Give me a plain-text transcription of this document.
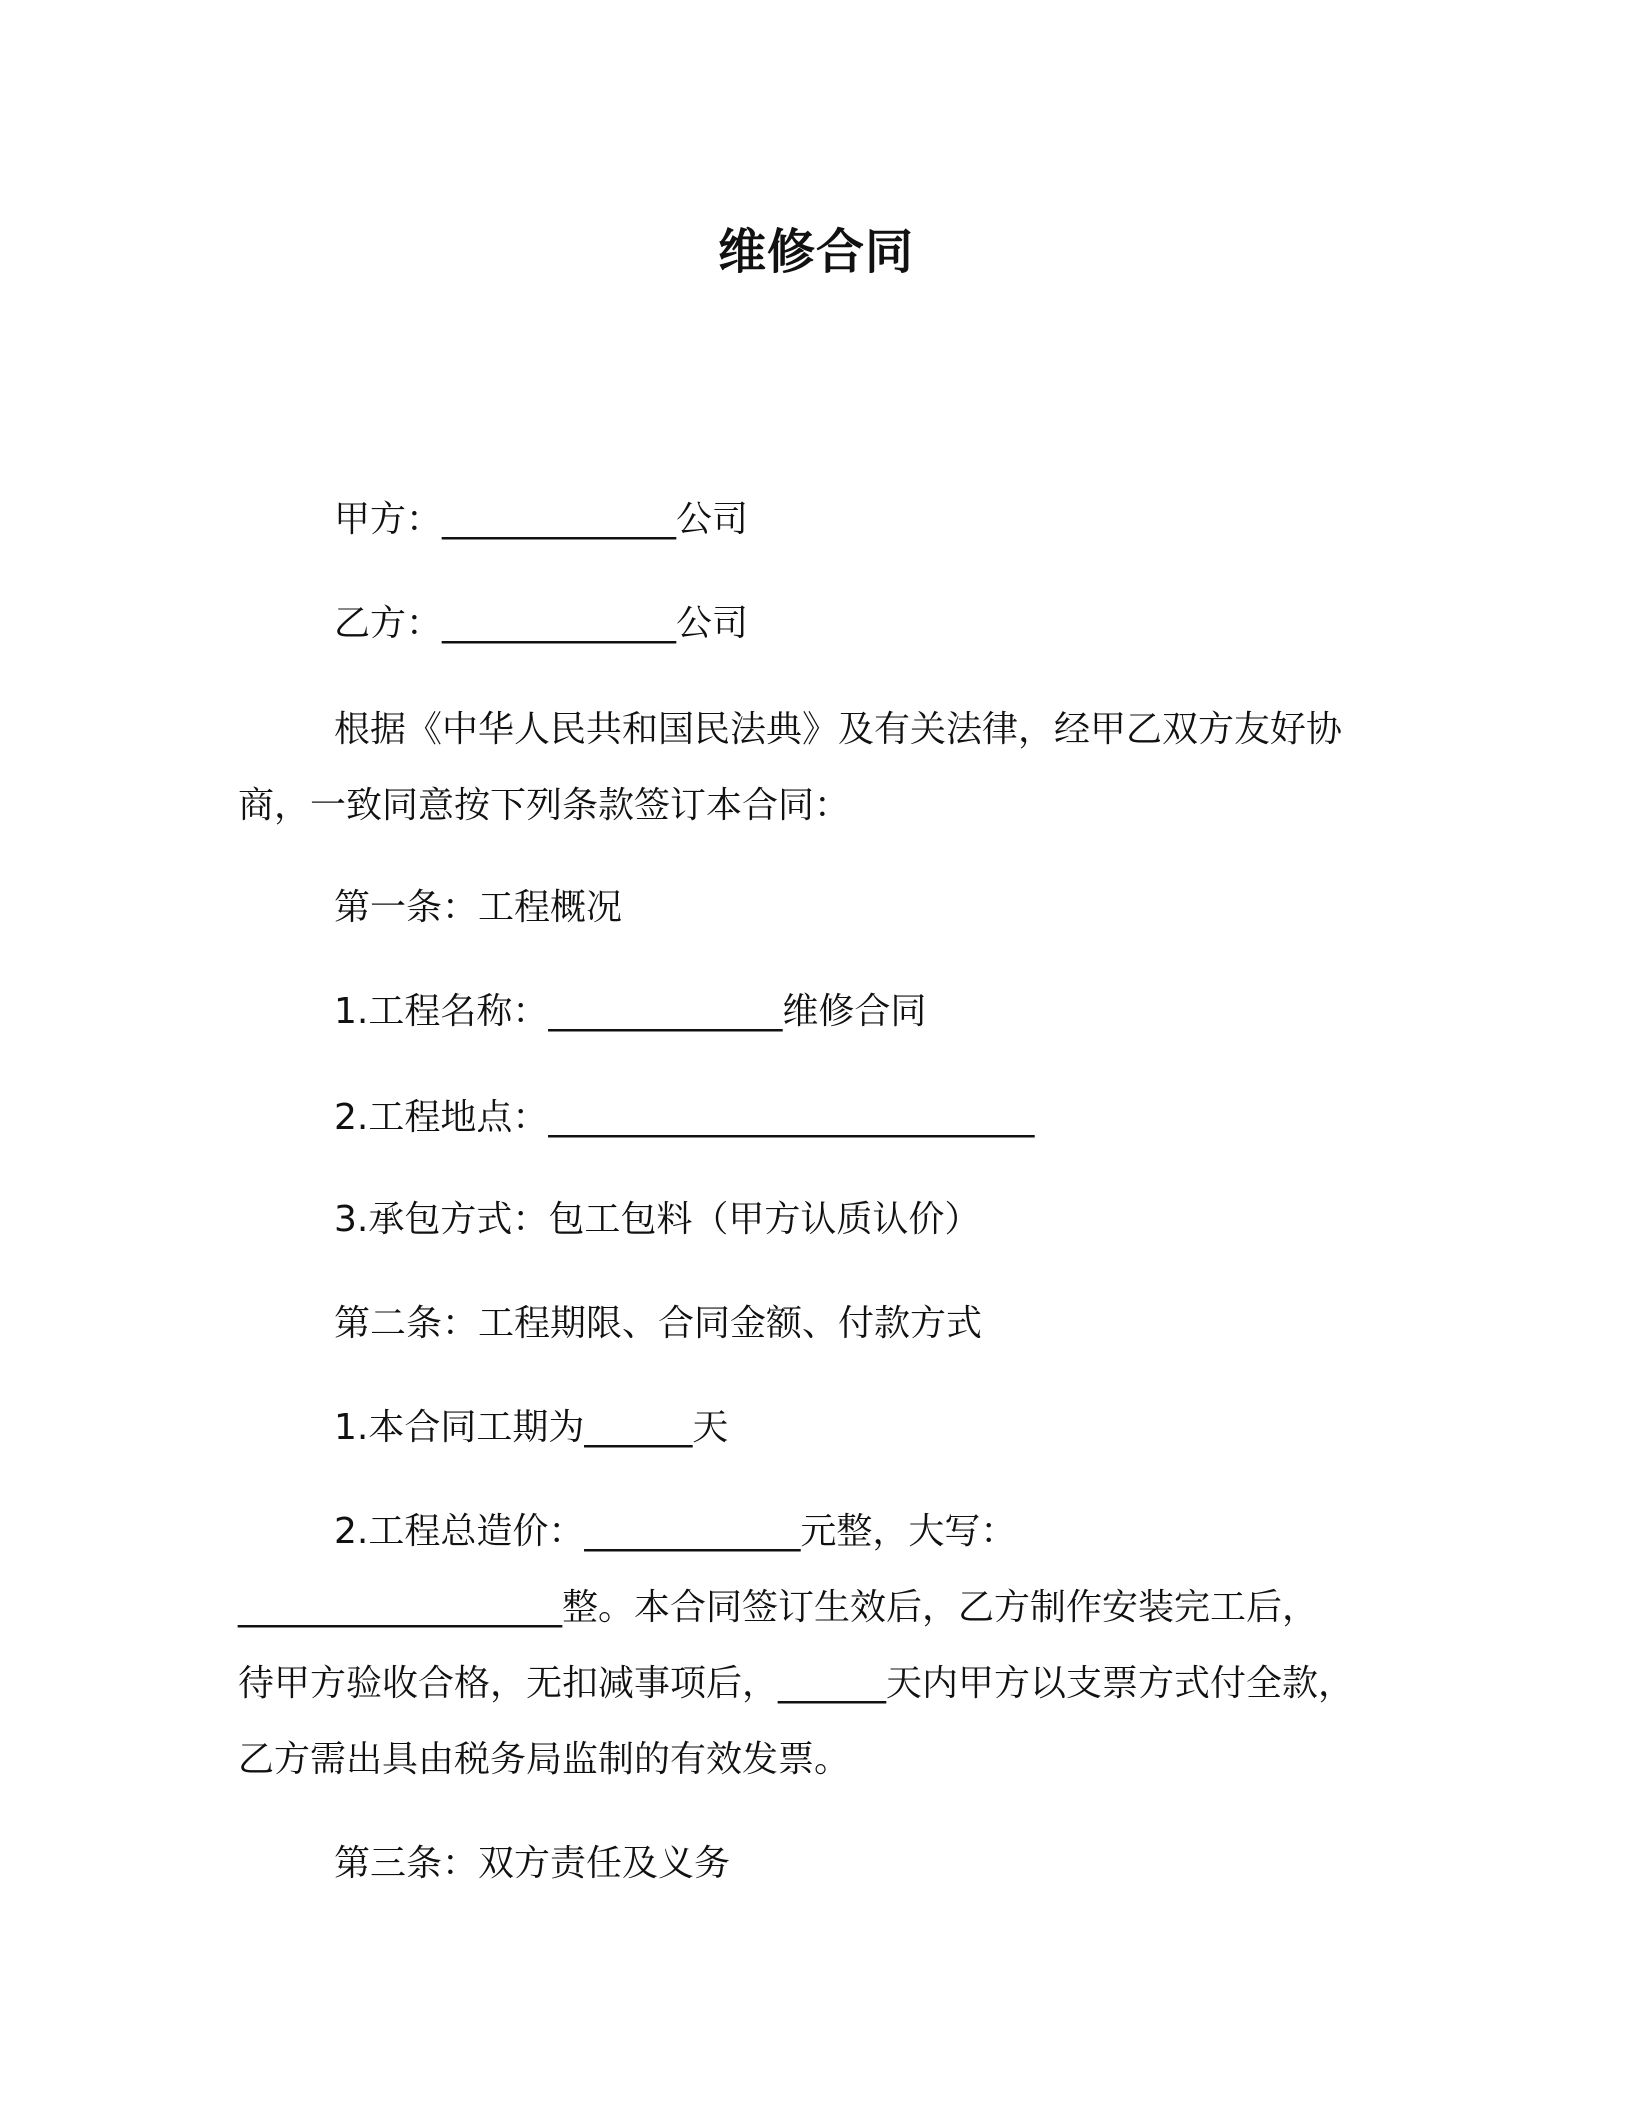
维修合同
甲方：_____________公司
乙方：_____________公司
根据《中华人民共和国民法典》及有关法律，经甲乙双方友好协
商，一致同意按下列条款签订本合同：
第一条：工程概况
1.工程名称：_____________维修合同
2.工程地点：___________________________
3.承包方式：包工包料（甲方认质认价）
第二条：工程期限、合同金额、付款方式
1.本合同工期为______天
2.工程总造价：____________元整，大写：
__________________整。本合同签订生效后，乙方制作安装完工后，
待甲方验收合格，无扣减事项后，______天内甲方以支票方式付全款，
乙方需出具由税务局监制的有效发票。
第三条：双方责任及义务
